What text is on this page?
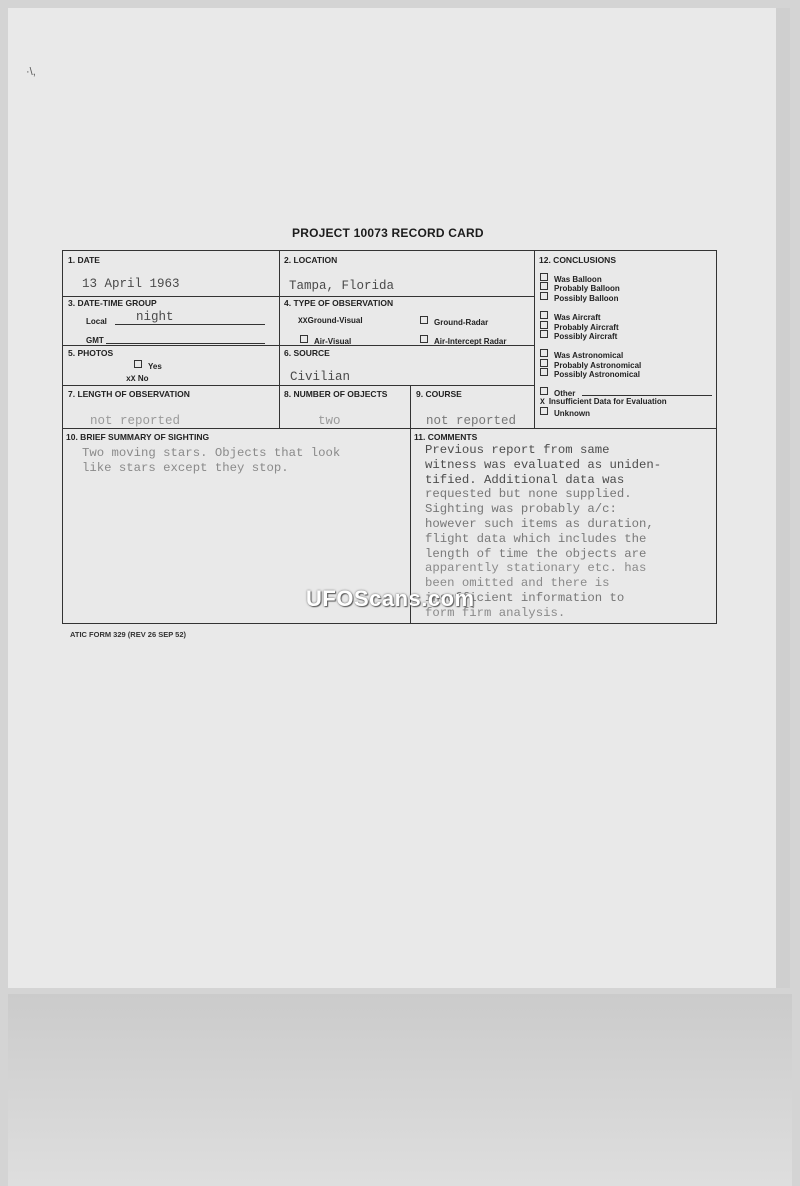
·\,
PROJECT 10073 RECORD CARD
1. DATE
13 April 1963
2. LOCATION
Tampa, Florida
3. DATE-TIME GROUP
Local night
GMT
4. TYPE OF OBSERVATION
XXGround-Visual	Ground-Radar
Air-Visual	Air-Intercept Radar
5. PHOTOS
Yes
xX No
6. SOURCE
Civilian
7. LENGTH OF OBSERVATION
not reported
8. NUMBER OF OBJECTS
two
9. COURSE
not reported
12. CONCLUSIONS
Was Balloon
Probably Balloon
Possibly Balloon
Was Aircraft
Probably Aircraft
Possibly Aircraft
Was Astronomical
Probably Astronomical
Possibly Astronomical
Other
X Insufficient Data for Evaluation
Unknown
10. BRIEF SUMMARY OF SIGHTING
Two moving stars. Objects that look
like stars except they stop.
11. COMMENTS
Previous report from same
witness was evaluated as uniden-
tified. Additional data was
requested but none supplied.
Sighting was probably a/c:
however such items as duration,
flight data which includes the
length of time the objects are
apparently stationary etc. has
been omitted and there is
insufficient information to
form firm analysis.
UFOScans.com
ATIC FORM 329 (REV 26 SEP 52)
